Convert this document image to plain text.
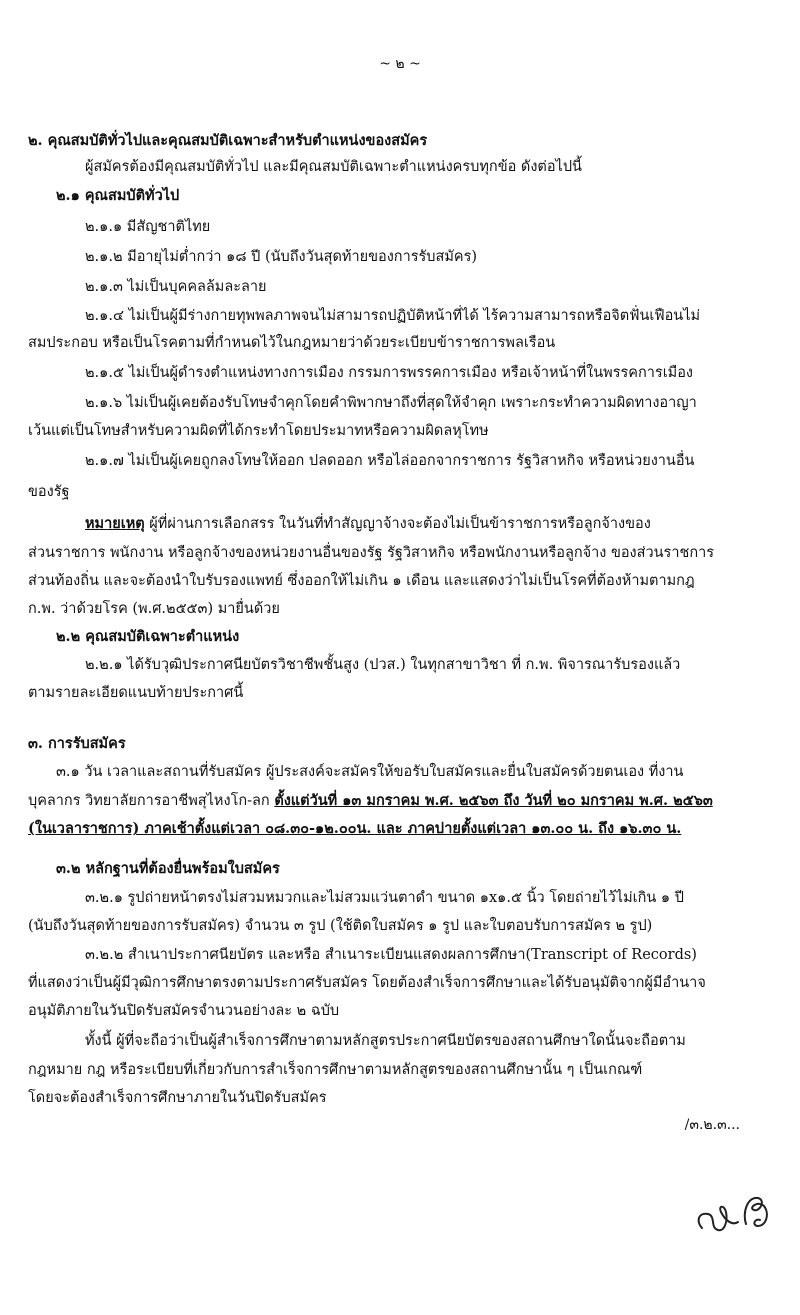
~ ๒ ~
๒. คุณสมบัติทั่วไปและคุณสมบัติเฉพาะสำหรับตำแหน่งของสมัคร
ผู้สมัครต้องมีคุณสมบัติทั่วไป และมีคุณสมบัติเฉพาะตำแหน่งครบทุกข้อ ดังต่อไปนี้
๒.๑ คุณสมบัติทั่วไป
๒.๑.๑ มีสัญชาติไทย
๒.๑.๒ มีอายุไม่ต่ำกว่า ๑๘ ปี (นับถึงวันสุดท้ายของการรับสมัคร)
๒.๑.๓ ไม่เป็นบุคคลล้มละลาย
๒.๑.๔ ไม่เป็นผู้มีร่างกายทุพพลภาพจนไม่สามารถปฏิบัติหน้าที่ได้ ไร้ความสามารถหรือจิตฟั่นเฟือนไม่
สมประกอบ หรือเป็นโรคตามที่กำหนดไว้ในกฎหมายว่าด้วยระเบียบข้าราชการพลเรือน
๒.๑.๕ ไม่เป็นผู้ดำรงตำแหน่งทางการเมือง กรรมการพรรคการเมือง หรือเจ้าหน้าที่ในพรรคการเมือง
๒.๑.๖ ไม่เป็นผู้เคยต้องรับโทษจำคุกโดยคำพิพากษาถึงที่สุดให้จำคุก เพราะกระทำความผิดทางอาญา
เว้นแต่เป็นโทษสำหรับความผิดที่ได้กระทำโดยประมาทหรือความผิดลหุโทษ
๒.๑.๗ ไม่เป็นผู้เคยถูกลงโทษให้ออก ปลดออก หรือไล่ออกจากราชการ รัฐวิสาหกิจ หรือหน่วยงานอื่น
ของรัฐ
หมายเหตุ ผู้ที่ผ่านการเลือกสรร ในวันที่ทำสัญญาจ้างจะต้องไม่เป็นข้าราชการหรือลูกจ้างของ
ส่วนราชการ พนักงาน หรือลูกจ้างของหน่วยงานอื่นของรัฐ รัฐวิสาหกิจ หรือพนักงานหรือลูกจ้าง ของส่วนราชการ
ส่วนท้องถิ่น และจะต้องนำใบรับรองแพทย์ ซึ่งออกให้ไม่เกิน ๑ เดือน และแสดงว่าไม่เป็นโรคที่ต้องห้ามตามกฎ
ก.พ. ว่าด้วยโรค (พ.ศ.๒๕๕๓) มายื่นด้วย
๒.๒ คุณสมบัติเฉพาะตำแหน่ง
๒.๒.๑ ได้รับวุฒิประกาศนียบัตรวิชาชีพชั้นสูง (ปวส.) ในทุกสาขาวิชา ที่ ก.พ. พิจารณารับรองแล้ว
ตามรายละเอียดแนบท้ายประกาศนี้
๓. การรับสมัคร
๓.๑ วัน เวลาและสถานที่รับสมัคร ผู้ประสงค์จะสมัครให้ขอรับใบสมัครและยื่นใบสมัครด้วยตนเอง ที่งาน
บุคลากร วิทยาลัยการอาชีพสุไหงโก-ลก ตั้งแต่วันที่ ๑๓ มกราคม พ.ศ. ๒๕๖๓ ถึง วันที่ ๒๐ มกราคม พ.ศ. ๒๕๖๓
(ในเวลาราชการ) ภาคเช้าตั้งแต่เวลา ๐๘.๓๐-๑๒.๐๐น. และ ภาคบ่ายตั้งแต่เวลา ๑๓.๐๐ น. ถึง ๑๖.๓๐ น.
๓.๒ หลักฐานที่ต้องยื่นพร้อมใบสมัคร
๓.๒.๑ รูปถ่ายหน้าตรงไม่สวมหมวกและไม่สวมแว่นตาดำ ขนาด ๑x๑.๕ นิ้ว โดยถ่ายไว้ไม่เกิน ๑ ปี
(นับถึงวันสุดท้ายของการรับสมัคร) จำนวน ๓ รูป (ใช้ติดใบสมัคร ๑ รูป และใบตอบรับการสมัคร ๒ รูป)
๓.๒.๒ สำเนาประกาศนียบัตร และหรือ สำเนาระเบียนแสดงผลการศึกษา(Transcript of Records)
ที่แสดงว่าเป็นผู้มีวุฒิการศึกษาตรงตามประกาศรับสมัคร โดยต้องสำเร็จการศึกษาและได้รับอนุมัติจากผู้มีอำนาจ
อนุมัติภายในวันปิดรับสมัครจำนวนอย่างละ ๒ ฉบับ
ทั้งนี้ ผู้ที่จะถือว่าเป็นผู้สำเร็จการศึกษาตามหลักสูตรประกาศนียบัตรของสถานศึกษาใดนั้นจะถือตาม
กฎหมาย กฎ หรือระเบียบที่เกี่ยวกับการสำเร็จการศึกษาตามหลักสูตรของสถานศึกษานั้น ๆ เป็นเกณฑ์
โดยจะต้องสำเร็จการศึกษาภายในวันปิดรับสมัคร
/๓.๒.๓...
